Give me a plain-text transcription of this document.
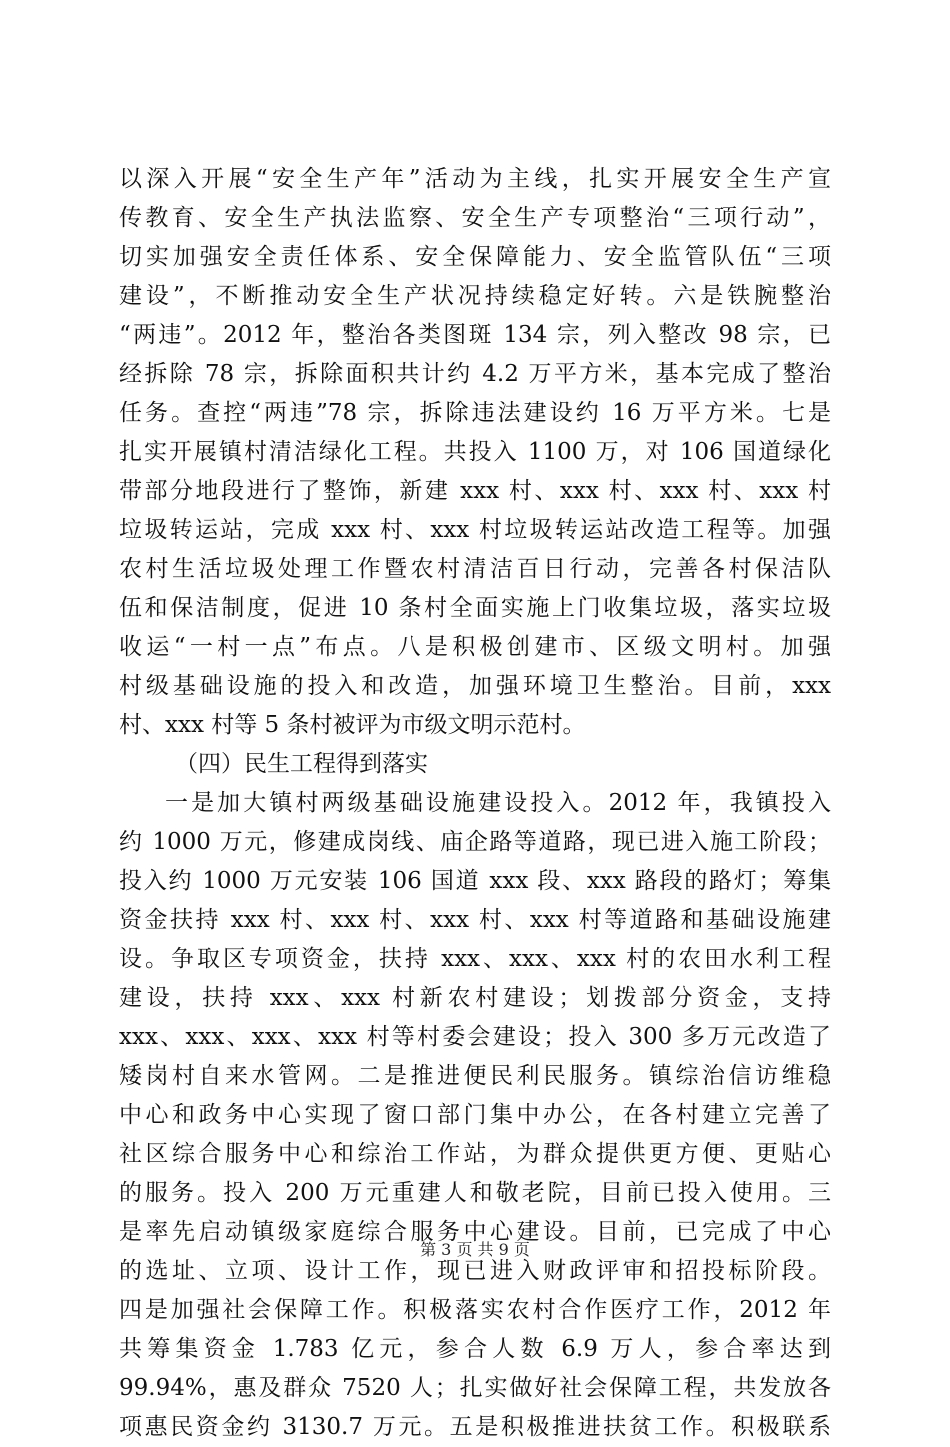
以深入开展“安全生产年”活动为主线，扎实开展安全生产宣
传教育、安全生产执法监察、安全生产专项整治“三项行动”，
切实加强安全责任体系、安全保障能力、安全监管队伍“三项
建设”，不断推动安全生产状况持续稳定好转。六是铁腕整治
“两违”。2012 年，整治各类图斑 134 宗，列入整改 98 宗，已
经拆除 78 宗，拆除面积共计约 4.2 万平方米，基本完成了整治
任务。查控“两违”78 宗，拆除违法建设约 16 万平方米。七是
扎实开展镇村清洁绿化工程。共投入 1100 万，对 106 国道绿化
带部分地段进行了整饰，新建 xxx 村、xxx 村、xxx 村、xxx 村
垃圾转运站，完成 xxx 村、xxx 村垃圾转运站改造工程等。加强
农村生活垃圾处理工作暨农村清洁百日行动，完善各村保洁队
伍和保洁制度，促进 10 条村全面实施上门收集垃圾，落实垃圾
收运“一村一点”布点。八是积极创建市、区级文明村。加强
村级基础设施的投入和改造，加强环境卫生整治。目前，xxx
村、xxx 村等 5 条村被评为市级文明示范村。
（四）民生工程得到落实
一是加大镇村两级基础设施建设投入。2012 年，我镇投入
约 1000 万元，修建成岗线、庙企路等道路，现已进入施工阶段；
投入约 1000 万元安装 106 国道 xxx 段、xxx 路段的路灯；筹集
资金扶持 xxx 村、xxx 村、xxx 村、xxx 村等道路和基础设施建
设。争取区专项资金，扶持 xxx、xxx、xxx 村的农田水利工程
建设，扶持 xxx、xxx 村新农村建设；划拨部分资金，支持
xxx、xxx、xxx、xxx 村等村委会建设；投入 300 多万元改造了
矮岗村自来水管网。二是推进便民利民服务。镇综治信访维稳
中心和政务中心实现了窗口部门集中办公，在各村建立完善了
社区综合服务中心和综治工作站，为群众提供更方便、更贴心
的服务。投入 200 万元重建人和敬老院，目前已投入使用。三
是率先启动镇级家庭综合服务中心建设。目前，已完成了中心
的选址、立项、设计工作，现已进入财政评审和招投标阶段。
四是加强社会保障工作。积极落实农村合作医疗工作，2012 年
共筹集资金 1.783 亿元，参合人数 6.9 万人，参合率达到
99.94%，惠及群众 7520 人；扎实做好社会保障工程，共发放各
项惠民资金约 3130.7 万元。五是积极推进扶贫工作。积极联系
第 3 页 共 9 页
